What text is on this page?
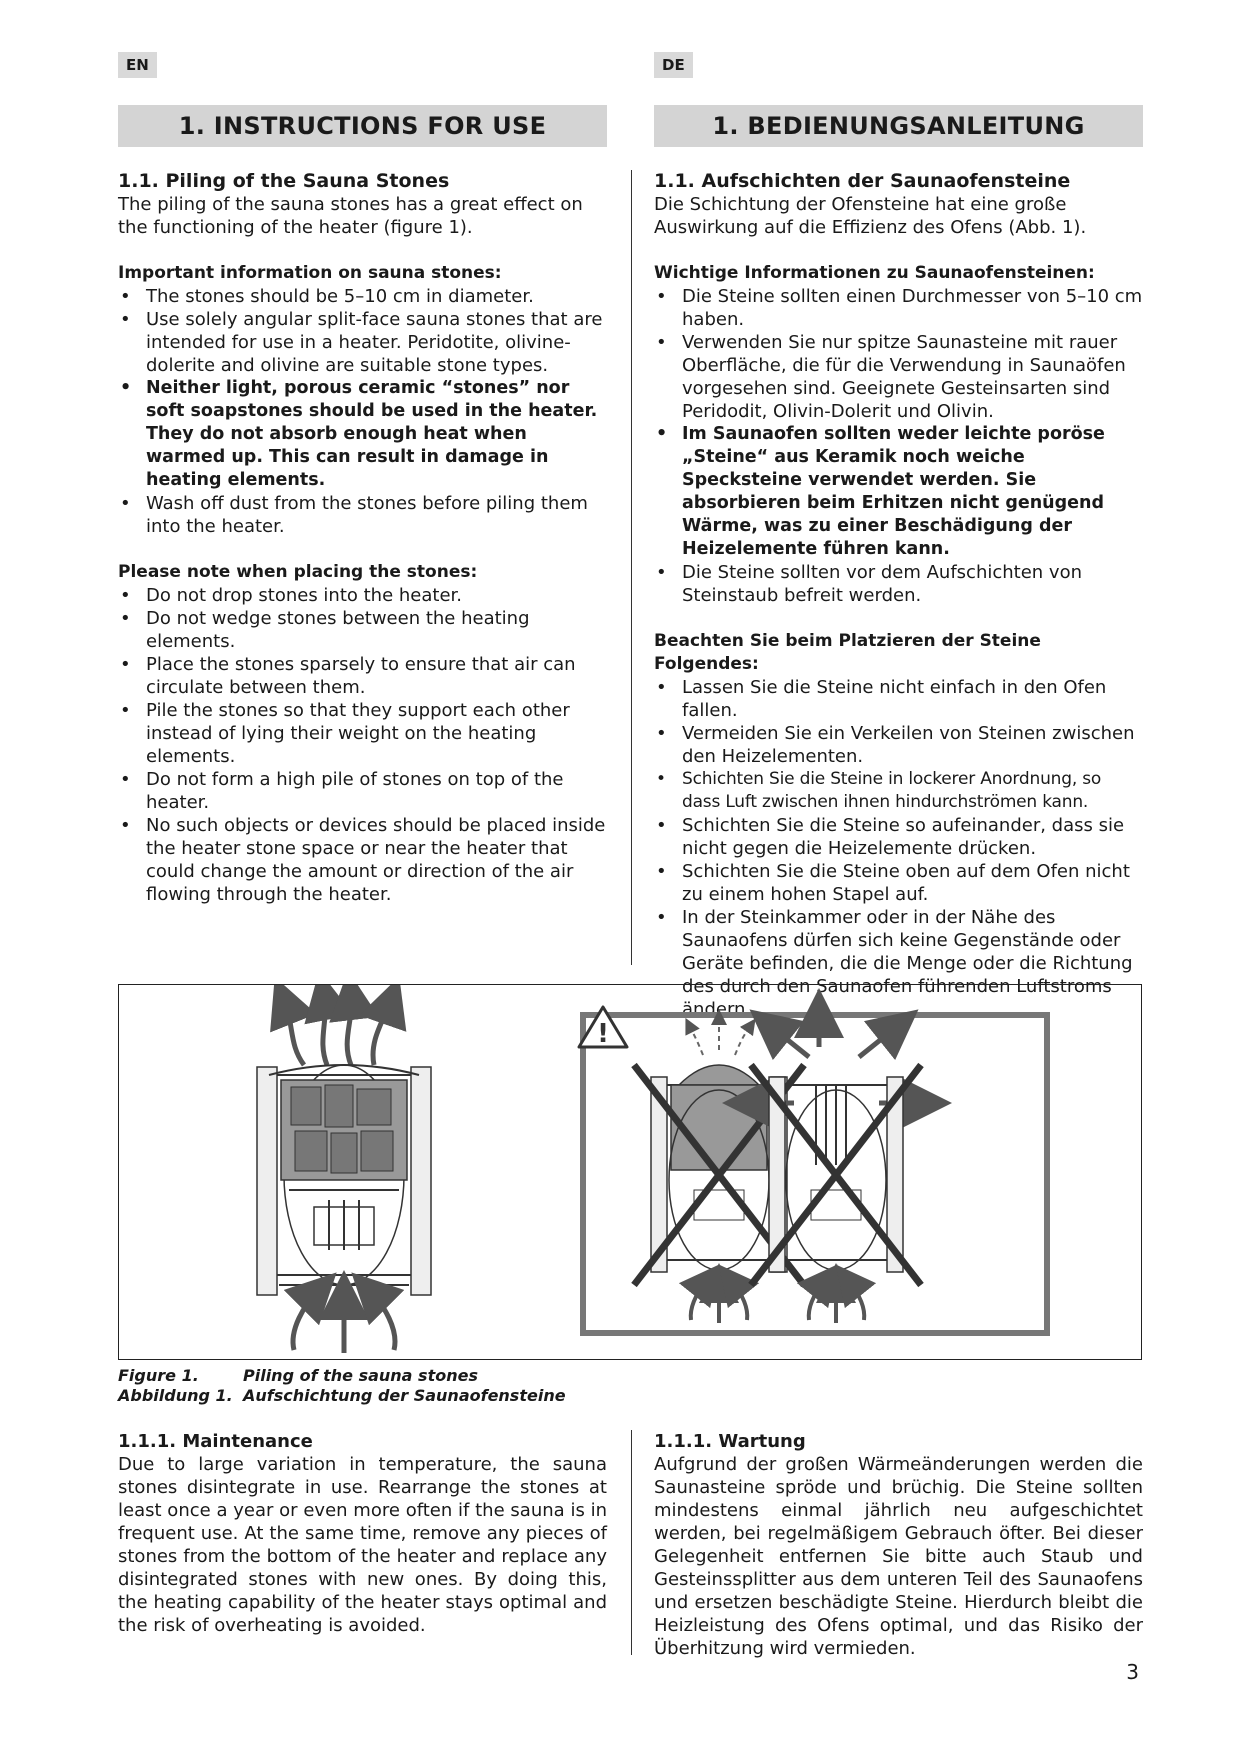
EN	DE
1. INSTRUCTIONS FOR USE	1. BEDIENUNGSANLEITUNG
1.1. Piling of the Sauna Stones

The piling of the sauna stones has a great effect on the functioning of the heater (figure 1).

Important information on sauna stones:

• The stones should be 5–10 cm in diameter.
• Use solely angular split-face sauna stones that are intended for use in a heater. Peridotite, olivine-dolerite and olivine are suitable stone types.
• Neither light, porous ceramic “stones” nor soft soapstones should be used in the heater. They do not absorb enough heat when warmed up. This can result in damage in heating elements.
• Wash off dust from the stones before piling them into the heater.

Please note when placing the stones:

• Do not drop stones into the heater.
• Do not wedge stones between the heating elements.
• Place the stones sparsely to ensure that air can circulate between them.
• Pile the stones so that they support each other instead of lying their weight on the heating elements.
• Do not form a high pile of stones on top of the heater.
• No such objects or devices should be placed inside the heater stone space or near the heater that could change the amount or direction of the air flowing through the heater.
1.1. Aufschichten der Saunaofensteine

Die Schichtung der Ofensteine hat eine große Auswirkung auf die Effizienz des Ofens (Abb. 1).

Wichtige Informationen zu Saunaofensteinen:

• Die Steine sollten einen Durchmesser von 5–10 cm haben.
• Verwenden Sie nur spitze Saunasteine mit rauer Oberfläche, die für die Verwendung in Saunaöfen vorgesehen sind. Geeignete Gesteinsarten sind Peridodit, Olivin-Dolerit und Olivin.
• Im Saunaofen sollten weder leichte poröse „Steine“ aus Keramik noch weiche Specksteine verwendet werden. Sie absorbieren beim Erhitzen nicht genügend Wärme, was zu einer Beschädigung der Heizelemente führen kann.
• Die Steine sollten vor dem Aufschichten von Steinstaub befreit werden.

Beachten Sie beim Platzieren der Steine Folgendes:

• Lassen Sie die Steine nicht einfach in den Ofen fallen.
• Vermeiden Sie ein Verkeilen von Steinen zwischen den Heizelementen.
• Schichten Sie die Steine in lockerer Anordnung, so dass Luft zwischen ihnen hindurchströmen kann.
• Schichten Sie die Steine so aufeinander, dass sie nicht gegen die Heizelemente drücken.
• Schichten Sie die Steine oben auf dem Ofen nicht zu einem hohen Stapel auf.
• In der Steinkammer oder in der Nähe des Saunaofens dürfen sich keine Gegenstände oder Geräte befinden, die die Menge oder die Richtung des durch den Saunaofen führenden Luftstroms ändern.
!
Figure 1.	Piling of the sauna stones
Abbildung 1. Aufschichtung der Saunaofensteine
1.1.1. Maintenance

Due to large variation in temperature, the sauna stones disintegrate in use. Rearrange the stones at least once a year or even more often if the sauna is in frequent use. At the same time, remove any pieces of stones from the bottom of the heater and replace any disintegrated stones with new ones. By doing this, the heating capability of the heater stays optimal and the risk of overheating is avoided.

1.1.1. Wartung

Aufgrund der großen Wärmeänderungen werden die Saunasteine spröde und brüchig. Die Steine sollten mindestens einmal jährlich neu aufgeschichtet werden, bei regelmäßigem Gebrauch öfter. Bei dieser Gelegenheit entfernen Sie bitte auch Staub und Gesteinssplitter aus dem unteren Teil des Saunaofens und ersetzen beschädigte Steine. Hierdurch bleibt die Heizleistung des Ofens optimal, und das Risiko der Überhitzung wird vermieden.

3
